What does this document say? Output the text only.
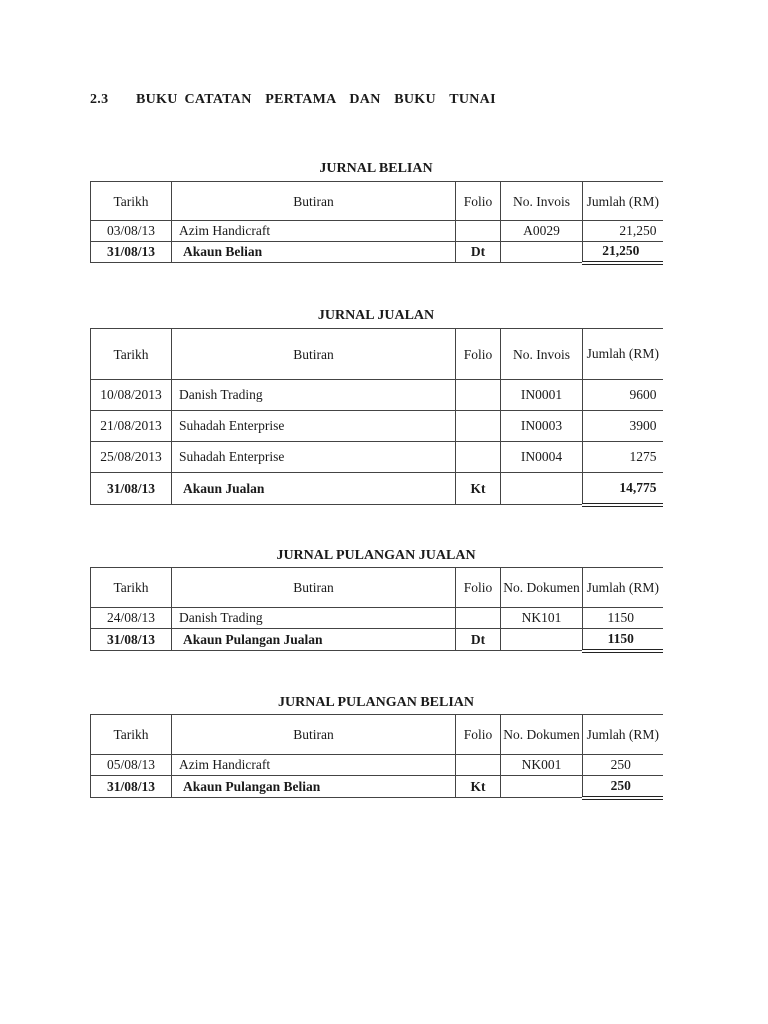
2.3 BUKU CATATAN  PERTAMA  DAN  BUKU  TUNAI
JURNAL BELIAN
Tarikh	Butiran	Folio	No. Invois	Jumlah (RM)
03/08/13	Azim Handicraft		A0029	21,250
31/08/13	Akaun Belian	Dt		21,250
JURNAL JUALAN
Tarikh	Butiran	Folio	No. Invois	Jumlah (RM)
10/08/2013	Danish Trading		IN0001	9600
21/08/2013	Suhadah Enterprise		IN0003	3900
25/08/2013	Suhadah Enterprise		IN0004	1275
31/08/13	Akaun Jualan	Kt		14,775
JURNAL PULANGAN JUALAN
Tarikh	Butiran	Folio	No. Dokumen	Jumlah (RM)
24/08/13	Danish Trading		NK101	1150
31/08/13	Akaun Pulangan Jualan	Dt		1150
JURNAL PULANGAN BELIAN
Tarikh	Butiran	Folio	No. Dokumen	Jumlah (RM)
05/08/13	Azim Handicraft		NK001	250
31/08/13	Akaun Pulangan Belian	Kt		250
